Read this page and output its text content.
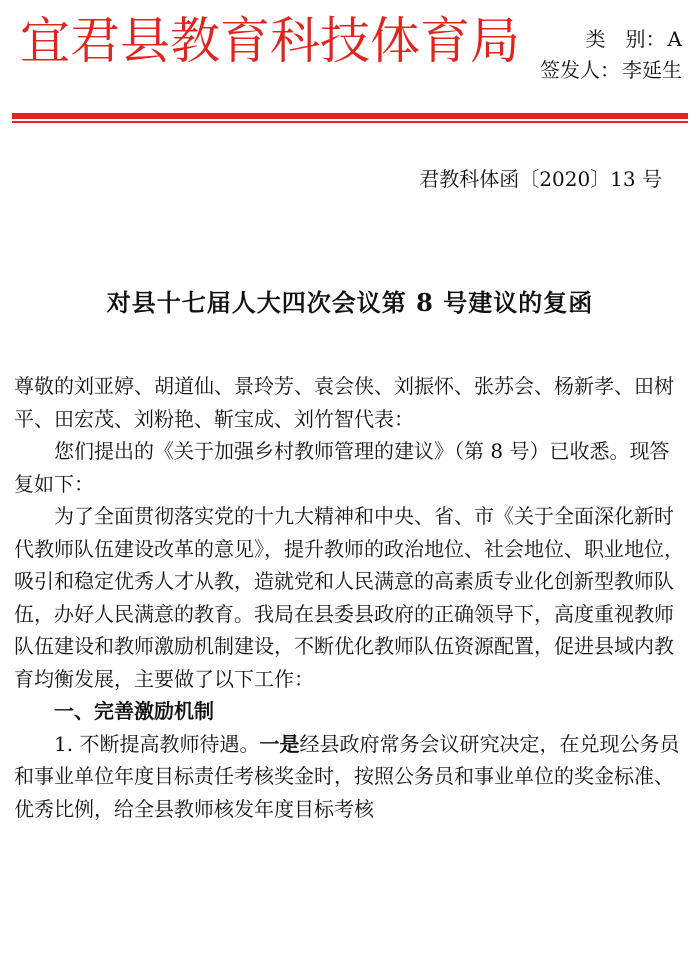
宜君县教育科技体育局	类　别： A
签发人： 李延生
君教科体函〔2020〕13 号
对县十七届人大四次会议第 8 号建议的复函

尊敬的刘亚婷、胡道仙、景玲芳、袁会侠、刘振怀、张苏会、杨新孝、田树平、田宏茂、刘粉艳、靳宝成、刘竹智代表：

您们提出的《关于加强乡村教师管理的建议》（第 8 号）已收悉。现答复如下：

为了全面贯彻落实党的十九大精神和中央、省、市《关于全面深化新时代教师队伍建设改革的意见》，提升教师的政治地位、社会地位、职业地位，吸引和稳定优秀人才从教，造就党和人民满意的高素质专业化创新型教师队伍，办好人民满意的教育。我局在县委县政府的正确领导下，高度重视教师队伍建设和教师激励机制建设，不断优化教师队伍资源配置，促进县域内教育均衡发展，主要做了以下工作：

一、完善激励机制

1. 不断提高教师待遇。一是经县政府常务会议研究决定，在兑现公务员和事业单位年度目标责任考核奖金时，按照公务员和事业单位的奖金标准、优秀比例，给全县教师核发年度目标考核
